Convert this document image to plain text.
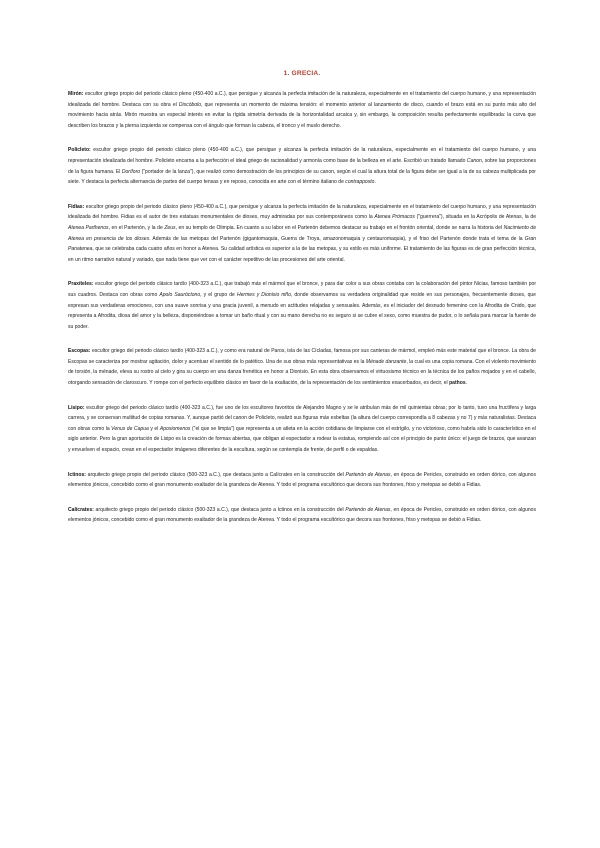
1. GRECIA.

Mirón: escultor griego propio del periodo clásico pleno (450-400 a.C.), que persigue y alcanza la perfecta imitación de la naturaleza, especialmente en el tratamiento del cuerpo humano, y una representación idealizada del hombre. Destaca con su obra el Discóbolo, que representa un momento de máxima tensión: el momento anterior al lanzamiento de disco, cuando el brazo está en su punto más alto del movimiento hacia atrás. Mirón muestra un especial interés en evitar la rígida simetría derivada de la horizontalidad arcaica y, sin embargo, la composición resulta perfectamente equilibrada: la curva que describen los brazos y la pierna izquierda se compensa con el ángulo que forman la cabeza, el tronco y el muslo derecho.

Policleto: escultor griego propio del periodo clásico pleno (450-400 a.C.), que persigue y alcanza la perfecta imitación de la naturaleza, especialmente en el tratamiento del cuerpo humano, y una representación idealizada del hombre. Policleto encarna a la perfección el ideal griego de racionalidad y armonía como base de la belleza en el arte. Escribió un tratado llamado Canon, sobre las proporciones de la figura humana. El Doríforo ("portador de la lanza"), que realizó como demostración de los principios de su canon, según el cual la altura total de la figura debe ser igual a la de su cabeza multiplicada por siete. Y destaca la perfecta alternancia de partes del cuerpo tensas y en reposo, conocida en arte con el término italiano de contrapposto.

Fidias: escultor griego propio del periodo clásico pleno (450-400 a.C.), que persigue y alcanza la perfecta imitación de la naturaleza, especialmente en el tratamiento del cuerpo humano, y una representación idealizada del hombre. Fidias es el autor de tres estatuas monumentales de dioses, muy admiradas por sus contemporáneos como la Atenea Prómacos ("guerrera"), situada en la Acrópolis de Atenas, la de Atenea Parthenos, en el Partenón, y la de Zeus, en su templo de Olimpia. En cuanto a su labor en el Partenón debemos destacar su trabajo en el frontón oriental, donde se narra la historia del Nacimiento de Atenea en presencia de los dioses. Además de las metopas del Partenón (gigantomaquia, Guerra de Troya, amazonomaquia y centauromaquia), y el friso del Partenón donde trata el tema de la Gran Panatenea, que se celebraba cada cuatro años en honor a Atenea. Su calidad artística es superior a la de las metopas, y su estilo es más uniforme. El tratamiento de las figuras es de gran perfección técnica, en un ritmo narrativo natural y variado, que nada tiene que ver con el carácter repetitivo de las procesiones del arte oriental.

Praxíteles: escultor griego del periodo clásico tardío (400-323 a.C.), que trabajó más el mármol que el bronce, y para dar color a sus obras contaba con la colaboración del pintor Nicias, famoso también por sus cuadros. Destaca con obras como Apolo Sauróctono, y el grupo de Hermes y Dionisio niño, donde observamos su verdadera originalidad que reside en sus personajes, frecuentemente dioses, que expresan sus verdaderas emociones, con una suave sonrisa y una gracia juvenil, a menudo en actitudes relajadas y sensuales. Además, es el iniciador del desnudo femenino con la Afrodita de Cnido, que representa a Afrodita, diosa del amor y la belleza, disponiéndose a tomar un baño ritual y con su mano derecha no es seguro si se cubre el sexo, como muestra de pudor, o lo señala para marcar la fuente de su poder.

Escopas: escultor griego del periodo clásico tardío (400-323 a.C.), y como era natural de Paros, isla de las Cícladas, famosa por sus canteras de mármol, empleó más este material que el bronce. La obra de Escopas se caracteriza por mostrar agitación, dolor y acentuar el sentido de lo patético. Una de sus obras más representativas es la Ménade danzante, la cual es una copia romana. Con el violento movimiento de torsión, la ménade, eleva su rostro al cielo y gira su cuerpo en una danza frenética en honor a Dionisio. En esta obra observamos el virtuosismo técnico en la técnica de los paños mojados y en el cabello, otorgando sensación de claroscuro. Y rompe con el perfecto equilibrio clásico en favor de la exaltación, de la representación de los sentimientos exacerbados, es decir, el pathos.

Lisipo: escultor griego del periodo clásico tardío (400-323 a.C.), fue uno de los escultores favoritos de Alejandro Magno y se le atribuían más de mil quinientas obras; por lo tanto, tuvo una fructífera y larga carrera, y se conservan multitud de copias romanas. Y, aunque partió del canon de Policleto, realizó sus figuras más esbeltas (la altura del cuerpo correspondía a 8 cabezas y no 7) y más naturalistas. Destaca con obras como la Venus de Capua y el Apoxiomenos ("el que se limpia") que representa a un atleta en la acción cotidiana de limpiarse con el estrígilo, y no victorioso, como habría sido lo característico en el siglo anterior. Pero la gran aportación de Lisipo es la creación de formas abiertas, que obligan al espectador a rodear la estatua, rompiendo así con el principio de punto único: el juego de brazos, que avanzan y envuelven el espacio, crean en el espectador imágenes diferentes de la escultura, según se contempla de frente, de perfil o de espaldas.

Ictinos: arquitecto griego propio del periodo clásico (500-323 a.C.), que destaca junto a Calícrates en la construcción del Partenón de Atenas, en época de Pericles, construido en orden dórico, con algunos elementos jónicos, concebido como el gran monumento exaltador de la grandeza de Atenea. Y todo el programa escultórico que decora sus frontones, friso y metopas se debió a Fidias.

Calícrates: arquitecto griego propio del periodo clásico (500-323 a.C.), que destaca junto a Ictinos en la construcción del Partenón de Atenas, en época de Pericles, construido en orden dórico, con algunos elementos jónicos, concebido como el gran monumento exaltador de la grandeza de Atenea. Y todo el programa escultórico que decora sus frontones, friso y metopas se debió a Fidias.
